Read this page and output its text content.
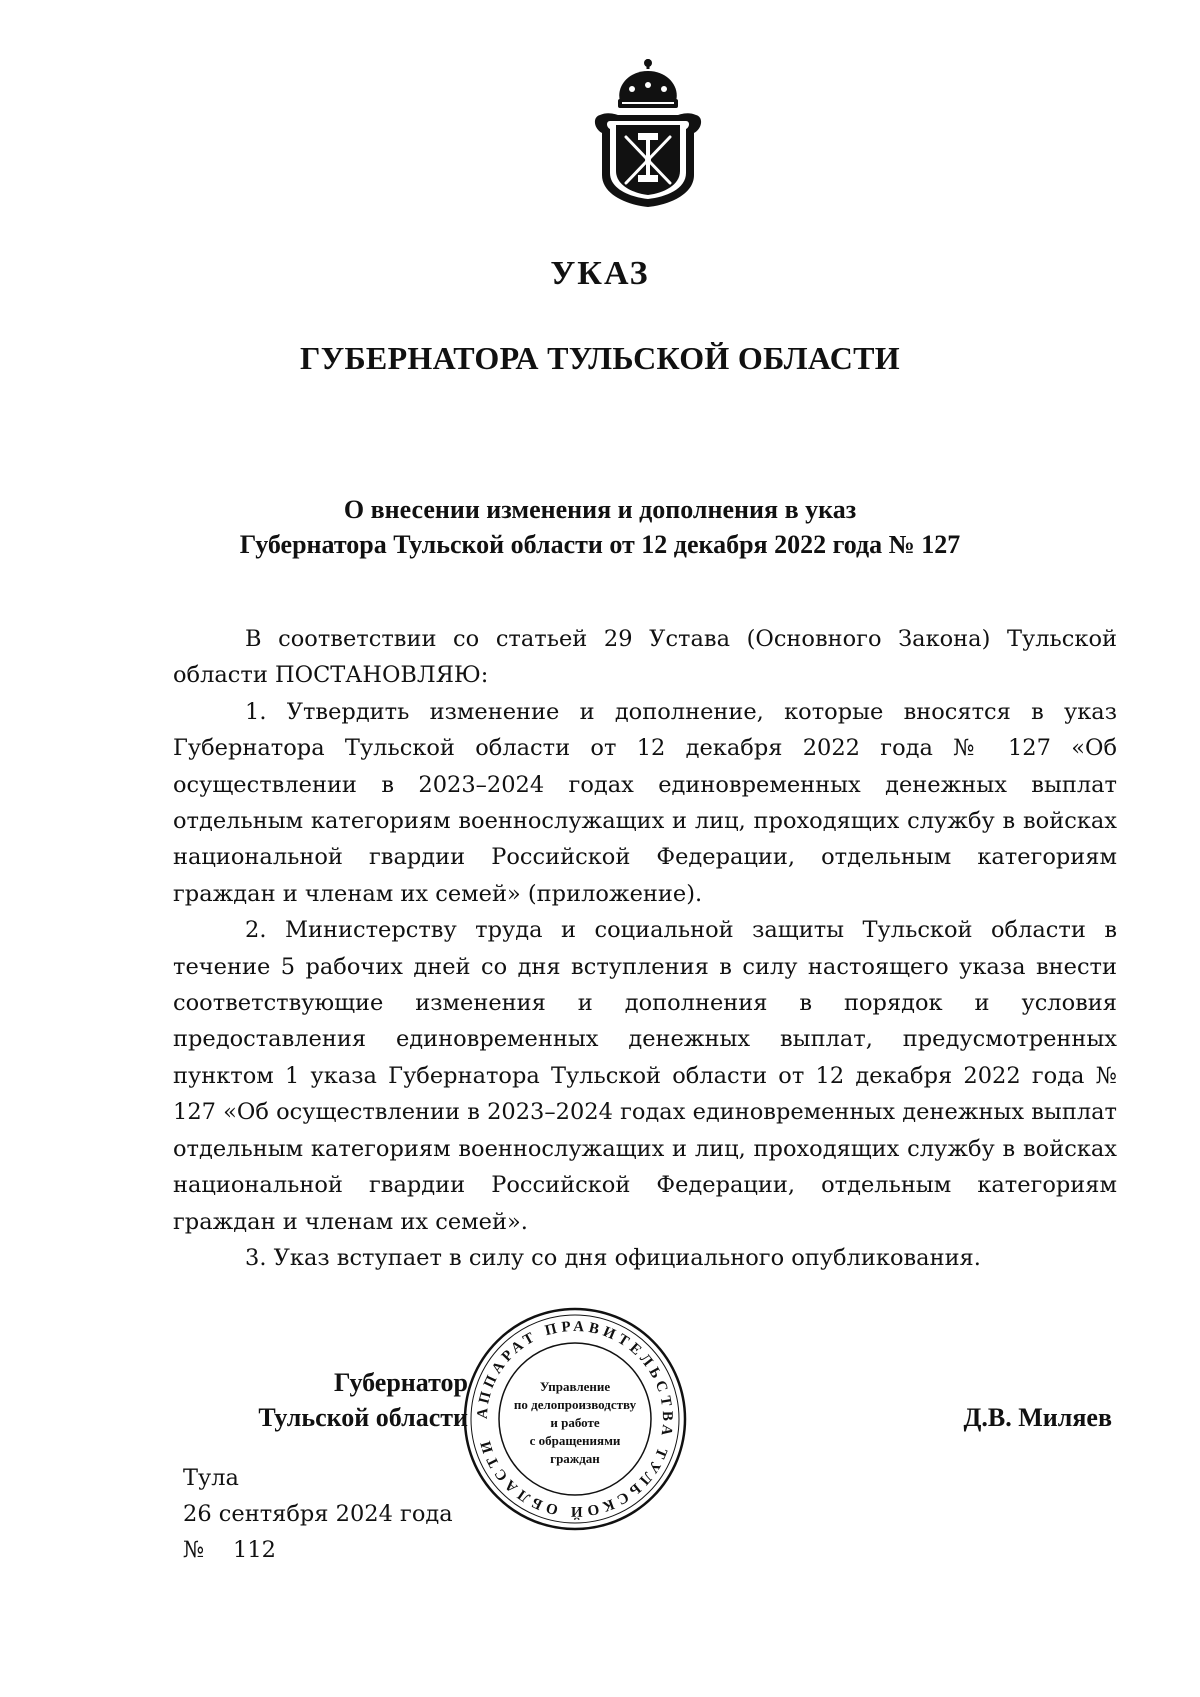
УКАЗ
ГУБЕРНАТОРА ТУЛЬСКОЙ ОБЛАСТИ
О внесении изменения и дополнения в указ
Губернатора Тульской области от 12 декабря 2022 года № 127

В соответствии со статьей 29 Устава (Основного Закона) Тульской области ПОСТАНОВЛЯЮ:

1. Утвердить изменение и дополнение, которые вносятся в указ Губернатора Тульской области от 12 декабря 2022 года № 127 «Об осуществлении в 2023–2024 годах единовременных денежных выплат отдельным категориям военнослужащих и лиц, проходящих службу в войсках национальной гвардии Российской Федерации, отдельным категориям граждан и членам их семей» (приложение).

2. Министерству труда и социальной защиты Тульской области в течение 5 рабочих дней со дня вступления в силу настоящего указа внести соответствующие изменения и дополнения в порядок и условия предоставления единовременных денежных выплат, предусмотренных пунктом 1 указа Губернатора Тульской области от 12 декабря 2022 года № 127 «Об осуществлении в 2023–2024 годах единовременных денежных выплат отдельным категориям военнослужащих и лиц, проходящих службу в войсках национальной гвардии Российской Федерации, отдельным категориям граждан и членам их семей».

3. Указ вступает в силу со дня официального опубликования.

Губернатор
Тульской области АППАРАТ ПРАВИТЕЛЬСТВА ТУЛЬСКОЙ ОБЛАСТИ
Управление
по делопроизводству
и работе
с обращениями
граждан
Д.В. Миляев
Тула
26 сентября 2024 года
№ 112
